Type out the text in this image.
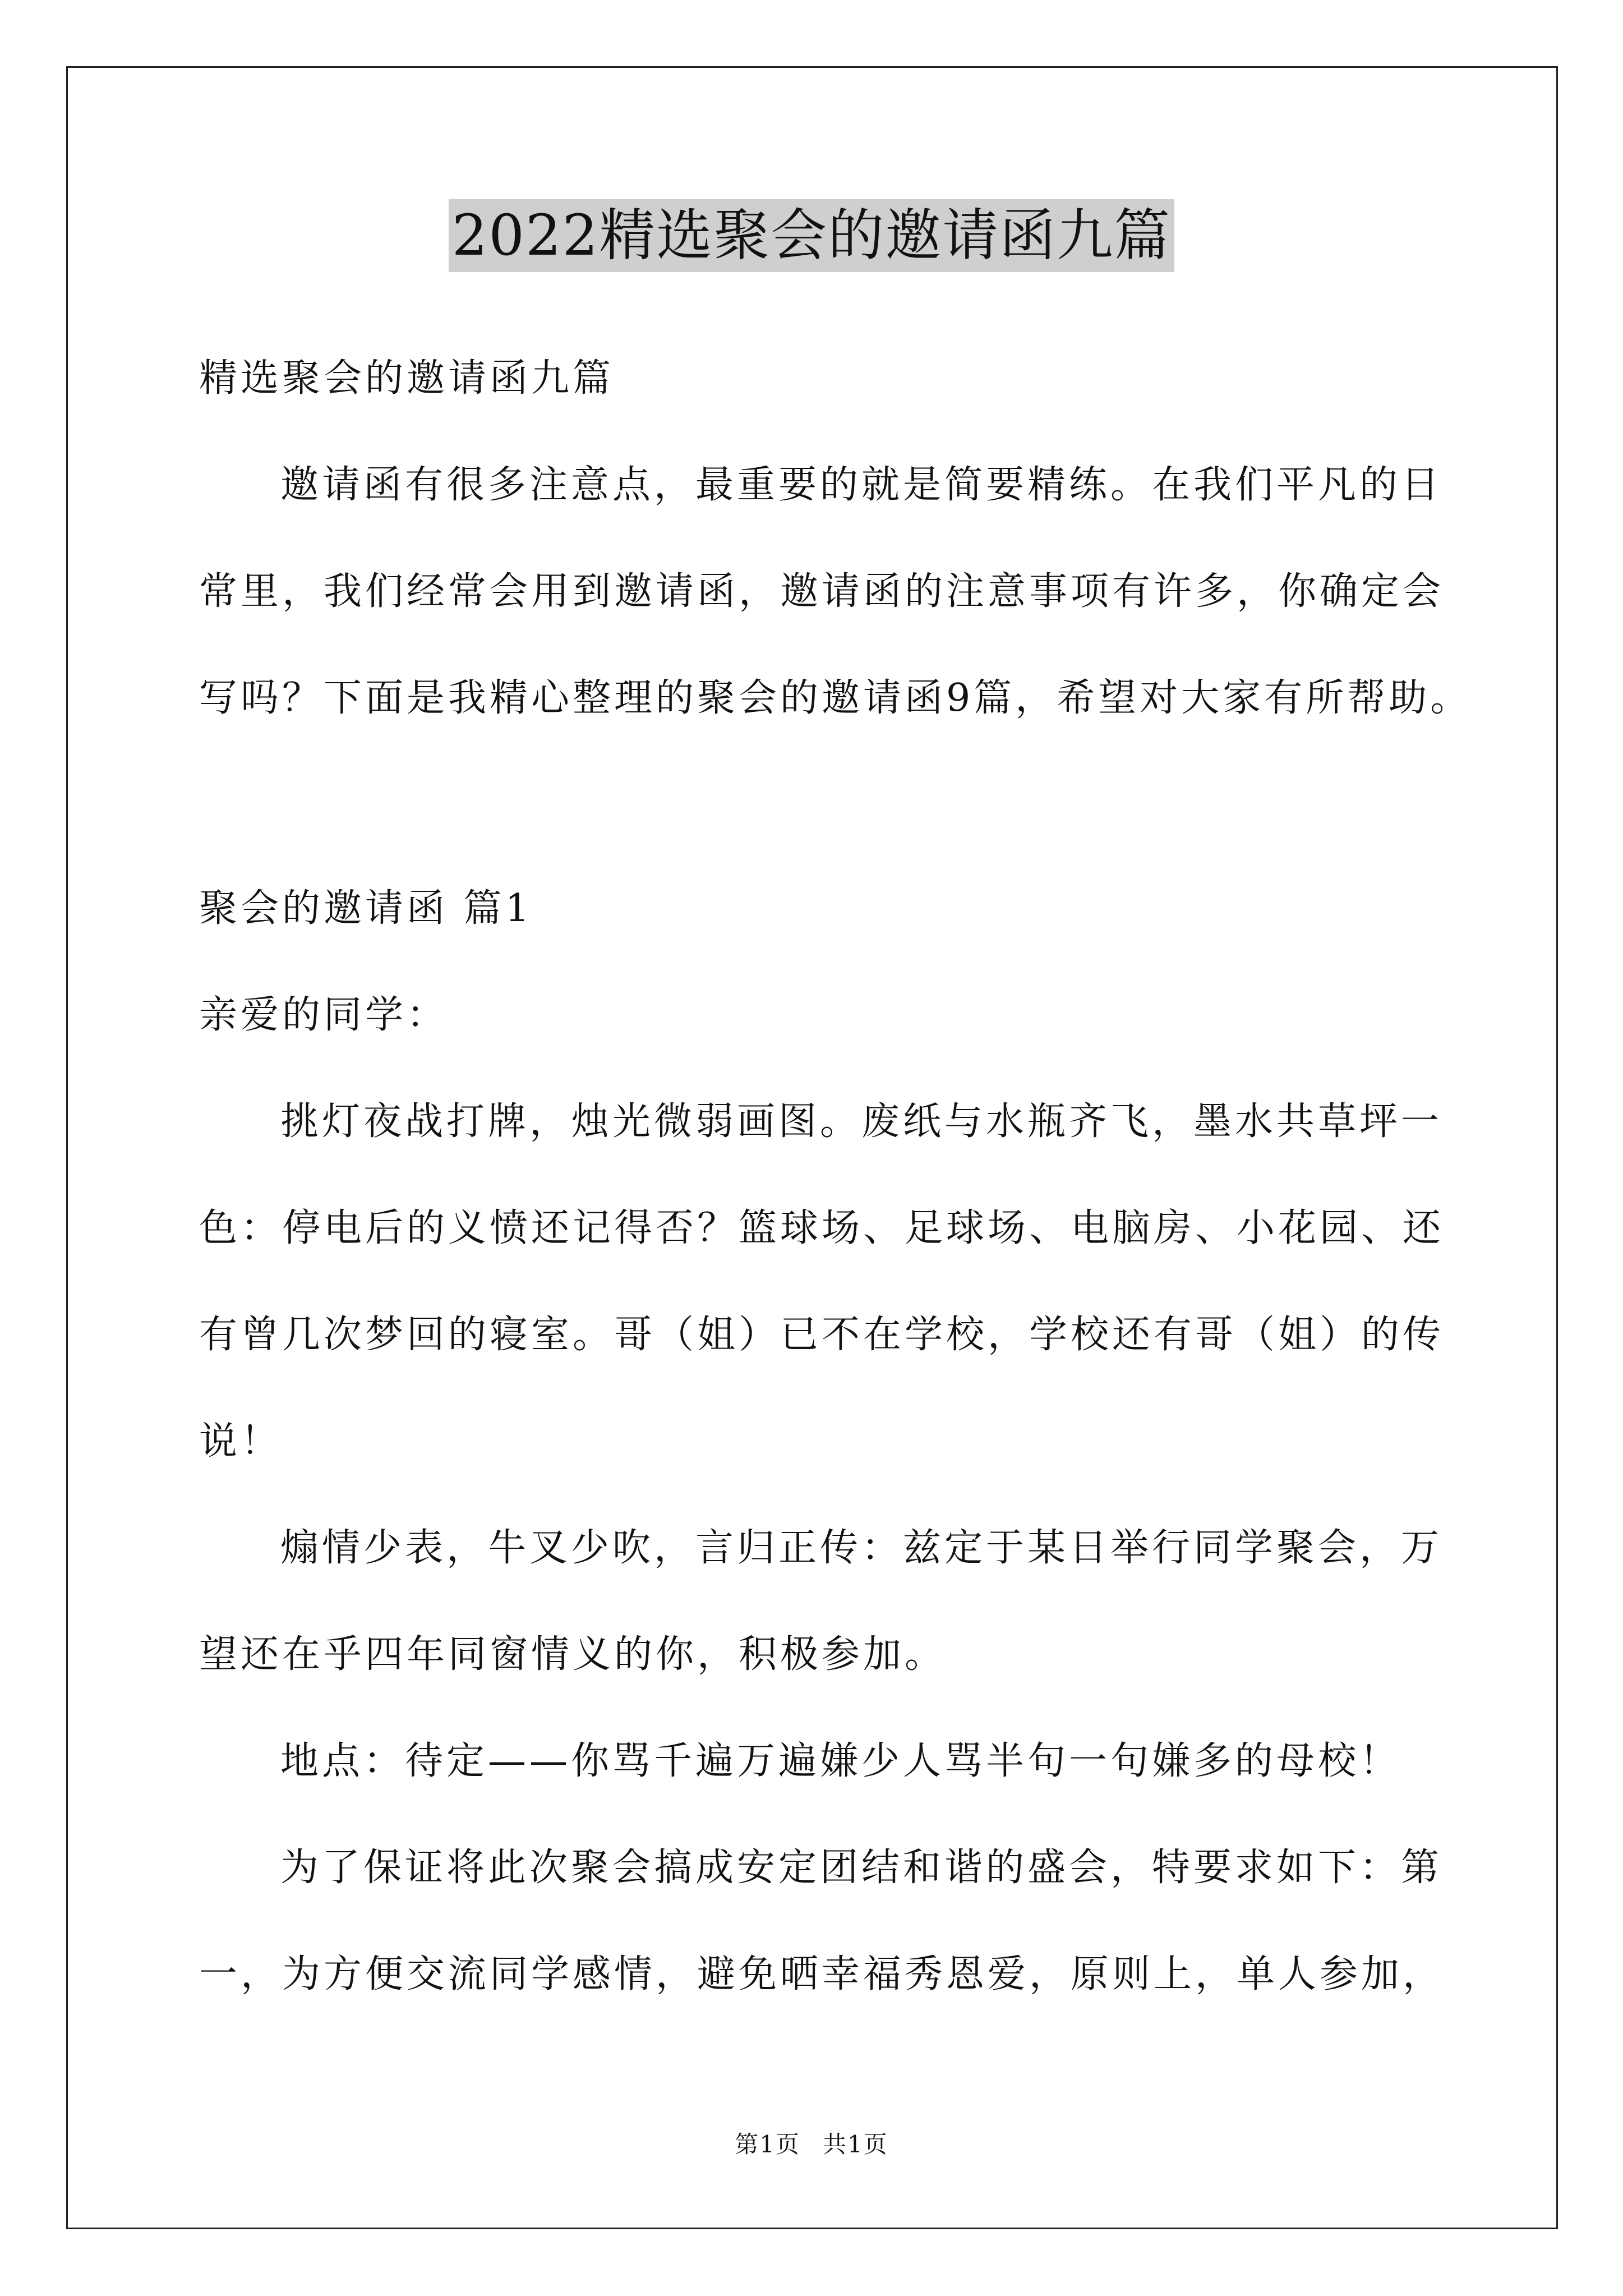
2022精选聚会的邀请函九篇
精选聚会的邀请函九篇
邀请函有很多注意点，最重要的就是简要精练。在我们平凡的日
常里，我们经常会用到邀请函，邀请函的注意事项有许多，你确定会
写吗？下面是我精心整理的聚会的邀请函9篇，希望对大家有所帮助。
聚会的邀请函 篇1
亲爱的同学：
挑灯夜战打牌，烛光微弱画图。废纸与水瓶齐飞，墨水共草坪一
色：停电后的义愤还记得否？篮球场、足球场、电脑房、小花园、还
有曾几次梦回的寝室。哥（姐）已不在学校，学校还有哥（姐）的传
说！
煽情少表，牛叉少吹，言归正传：兹定于某日举行同学聚会，万
望还在乎四年同窗情义的你，积极参加。
地点：待定——你骂千遍万遍嫌少人骂半句一句嫌多的母校！
为了保证将此次聚会搞成安定团结和谐的盛会，特要求如下：第
一，为方便交流同学感情，避免晒幸福秀恩爱，原则上，单人参加，
第1页 共1页
